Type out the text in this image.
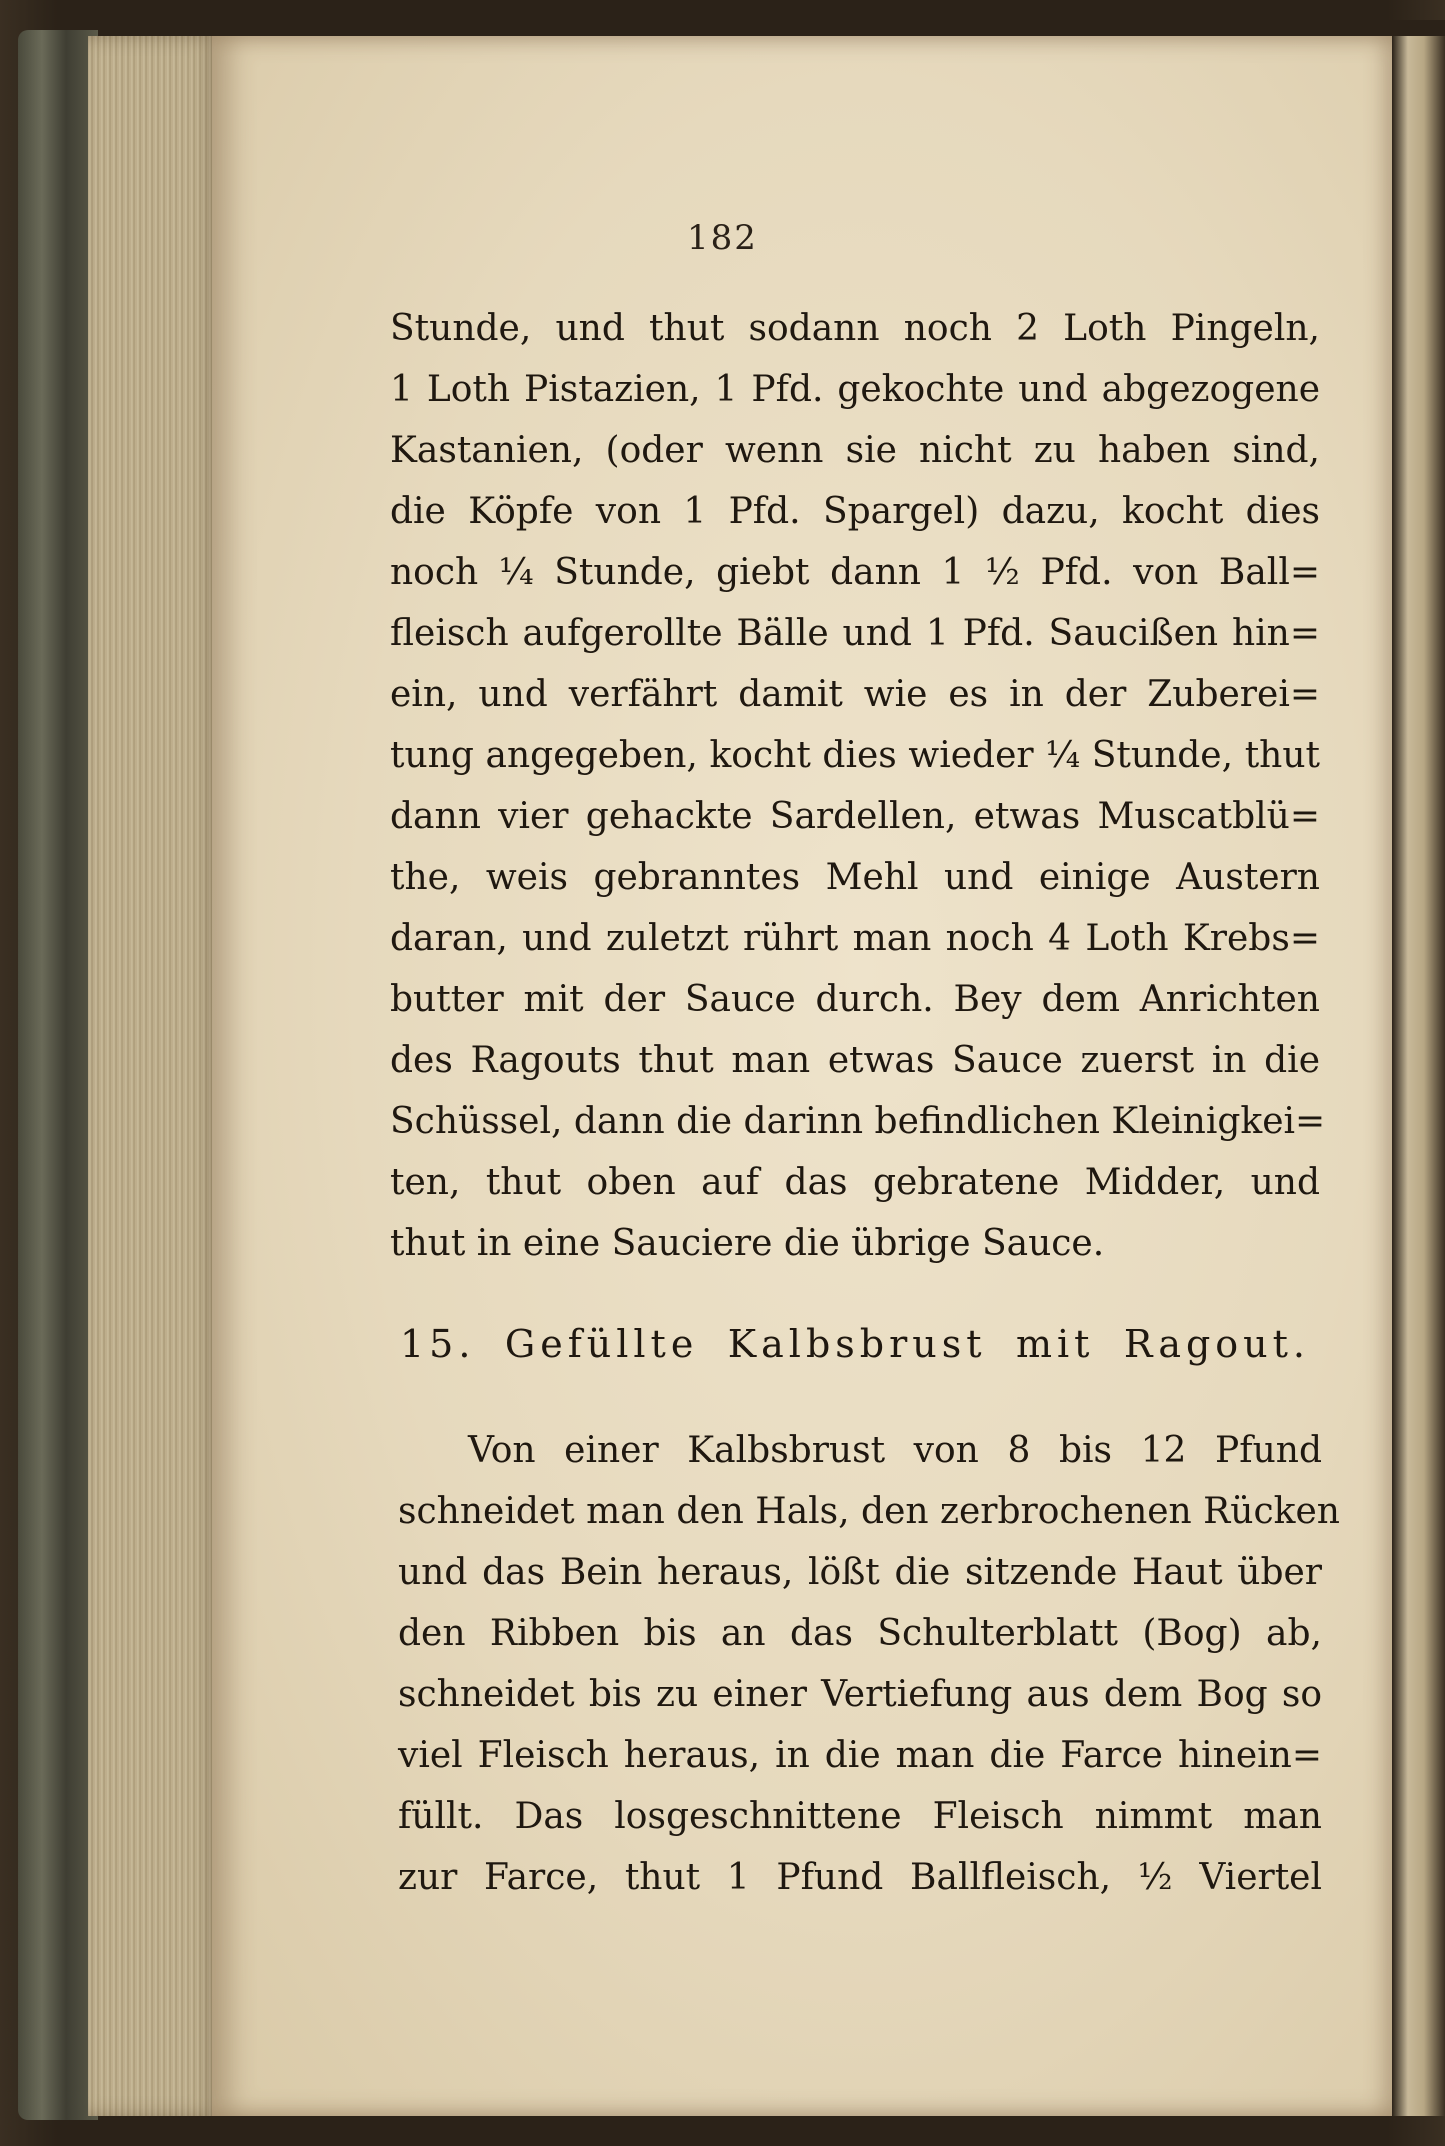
182
Stunde, und thut sodann noch 2 Loth Pingeln,
1 Loth Pistazien, 1 Pfd. gekochte und abgezogene
Kastanien, (oder wenn sie nicht zu haben sind,
die Köpfe von 1 Pfd. Spargel) dazu, kocht dies
noch ¼ Stunde, giebt dann 1 ½ Pfd. von Ball=
fleisch aufgerollte Bälle und 1 Pfd. Saucißen hin=
ein, und verfährt damit wie es in der Zuberei=
tung angegeben, kocht dies wieder ¼ Stunde, thut
dann vier gehackte Sardellen, etwas Muscatblü=
the, weis gebranntes Mehl und einige Austern
daran, und zuletzt rührt man noch 4 Loth Krebs=
butter mit der Sauce durch. Bey dem Anrichten
des Ragouts thut man etwas Sauce zuerst in die
Schüssel, dann die darinn befindlichen Kleinigkei=
ten, thut oben auf das gebratene Midder, und
thut in eine Sauciere die übrige Sauce.
15. Gefüllte Kalbsbrust mit Ragout.
Von einer Kalbsbrust von 8 bis 12 Pfund
schneidet man den Hals, den zerbrochenen Rücken
und das Bein heraus, lößt die sitzende Haut über
den Ribben bis an das Schulterblatt (Bog) ab,
schneidet bis zu einer Vertiefung aus dem Bog so
viel Fleisch heraus, in die man die Farce hinein=
füllt. Das losgeschnittene Fleisch nimmt man
zur Farce, thut 1 Pfund Ballfleisch, ½ Viertel
